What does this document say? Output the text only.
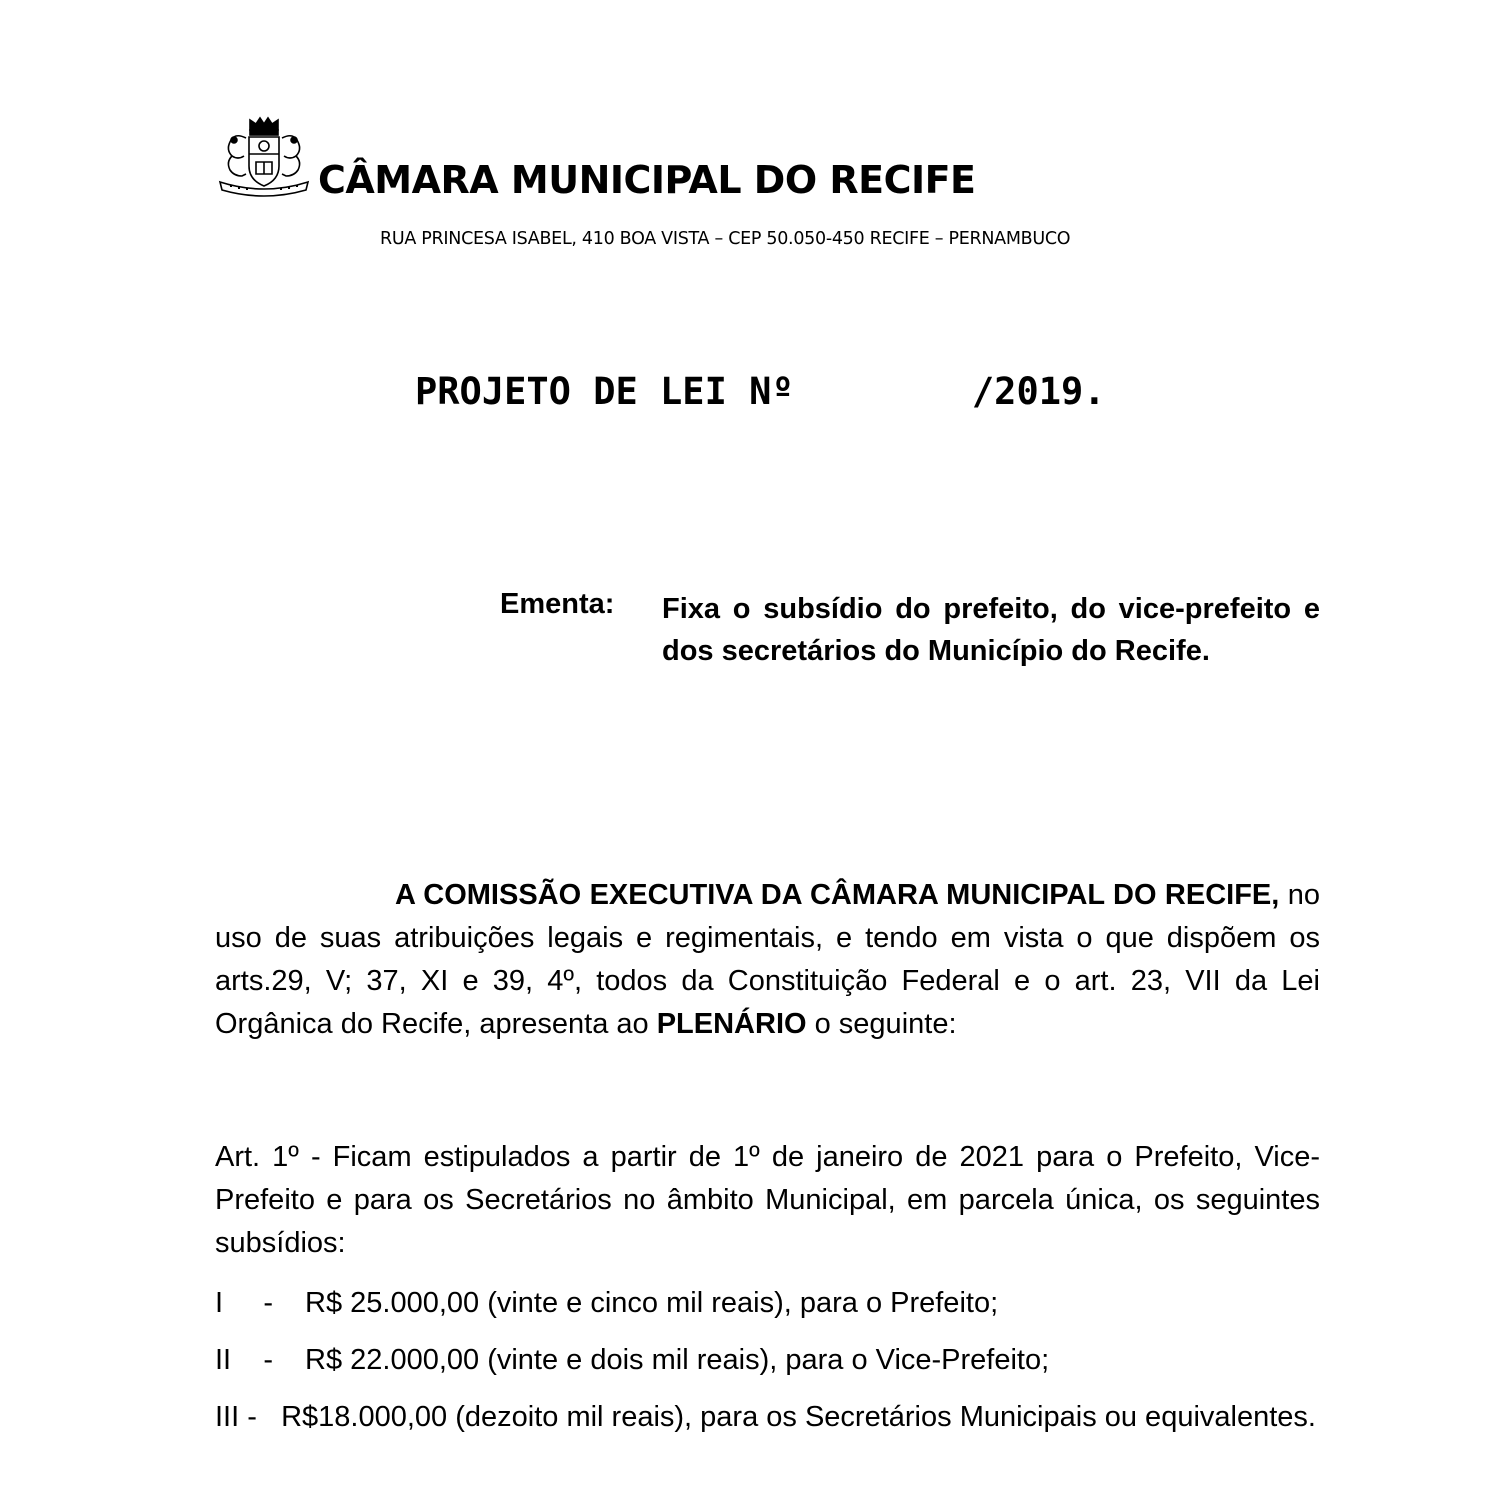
CÂMARA MUNICIPAL DO RECIFE
RUA PRINCESA ISABEL, 410 BOA VISTA – CEP 50.050-450 RECIFE – PERNAMBUCO
PROJETO DE LEI Nº        /2019.
Ementa: Fixa o subsídio do prefeito, do vice-prefeito e dos secretários do Município do Recife.
A COMISSÃO EXECUTIVA DA CÂMARA MUNICIPAL DO RECIFE, no uso de suas atribuições legais e regimentais, e tendo em vista o que dispõem os arts.29, V; 37, XI e 39, 4º, todos da Constituição Federal e o art. 23, VII da Lei Orgânica do Recife, apresenta ao PLENÁRIO o seguinte:
Art. 1º - Ficam estipulados a partir de 1º de janeiro de 2021 para o Prefeito, Vice-Prefeito e para os Secretários no âmbito Municipal, em parcela única, os seguintes subsídios:
I     -	R$ 25.000,00 (vinte e cinco mil reais), para o Prefeito;
II    -	R$ 22.000,00 (vinte e dois mil reais), para o Vice-Prefeito;
III - R$18.000,00 (dezoito mil reais), para os Secretários Municipais ou equivalentes.
